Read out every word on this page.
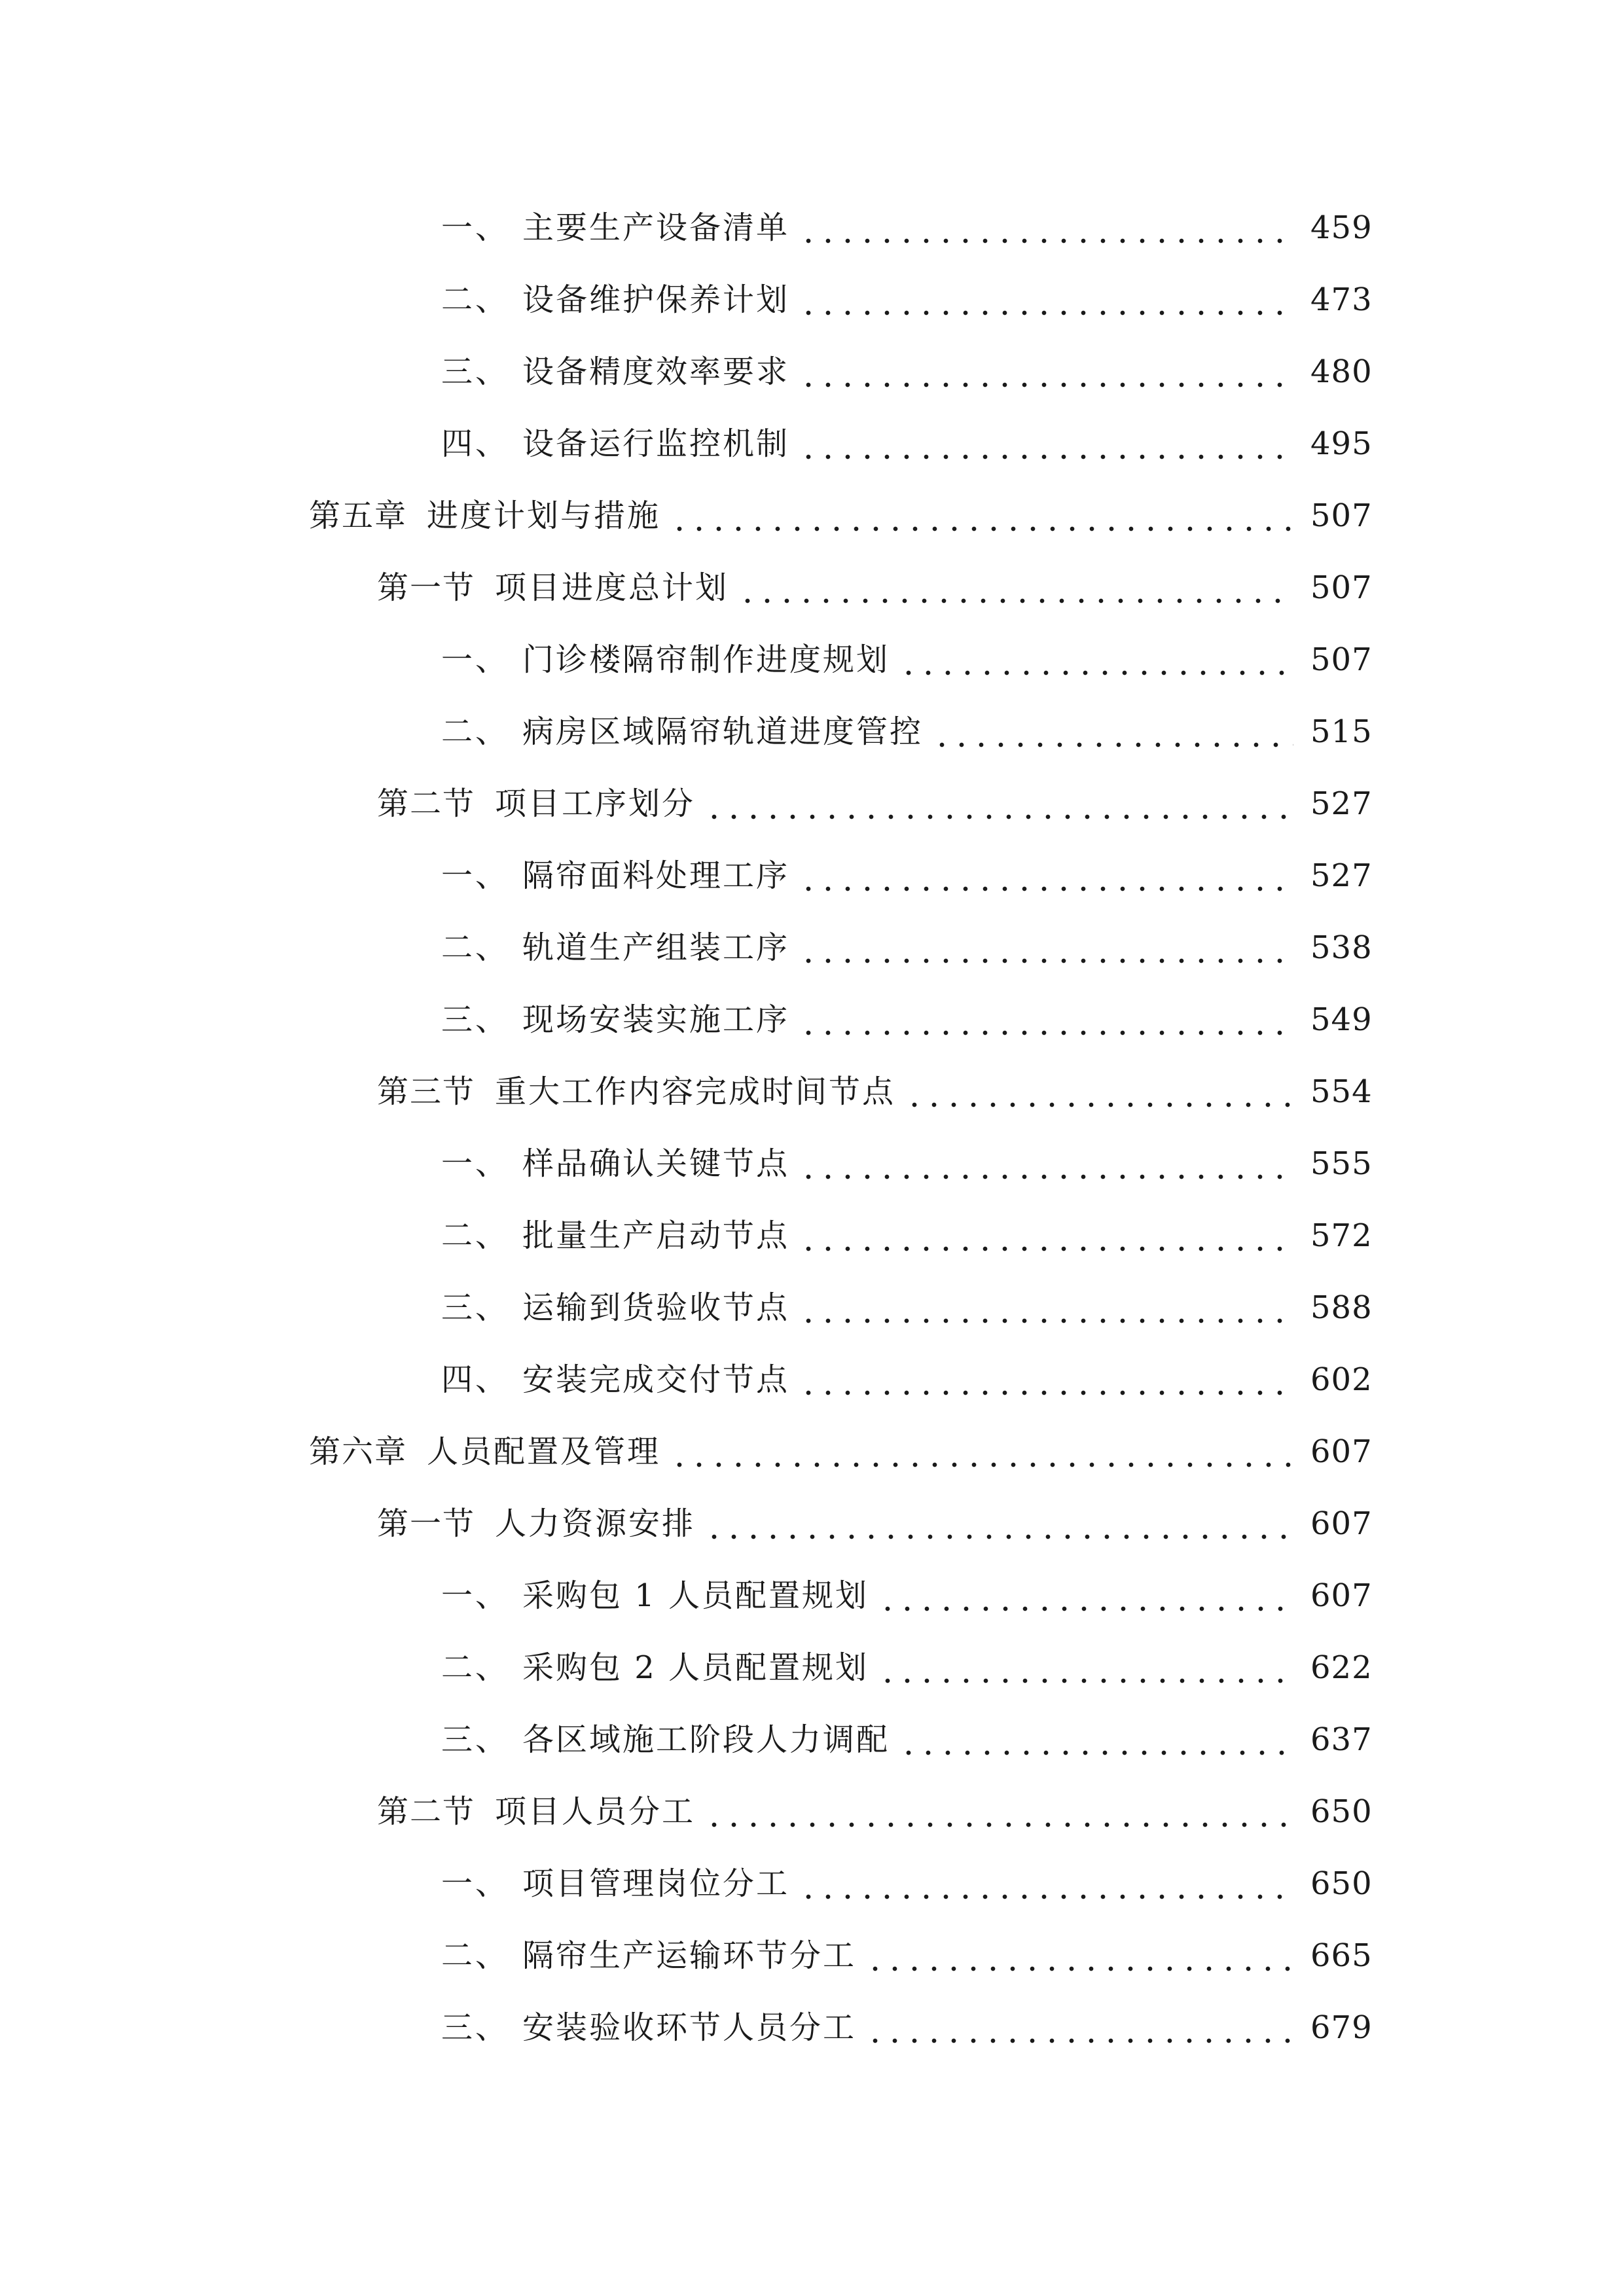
一、 主要生产设备清单	459
二、 设备维护保养计划	473
三、 设备精度效率要求	480
四、 设备运行监控机制	495
第五章 进度计划与措施	507
第一节 项目进度总计划	507
一、 门诊楼隔帘制作进度规划	507
二、 病房区域隔帘轨道进度管控	515
第二节 项目工序划分	527
一、 隔帘面料处理工序	527
二、 轨道生产组装工序	538
三、 现场安装实施工序	549
第三节 重大工作内容完成时间节点	554
一、 样品确认关键节点	555
二、 批量生产启动节点	572
三、 运输到货验收节点	588
四、 安装完成交付节点	602
第六章 人员配置及管理	607
第一节 人力资源安排	607
一、 采购包 1 人员配置规划	607
二、 采购包 2 人员配置规划	622
三、 各区域施工阶段人力调配	637
第二节 项目人员分工	650
一、 项目管理岗位分工	650
二、 隔帘生产运输环节分工	665
三、 安装验收环节人员分工	679
